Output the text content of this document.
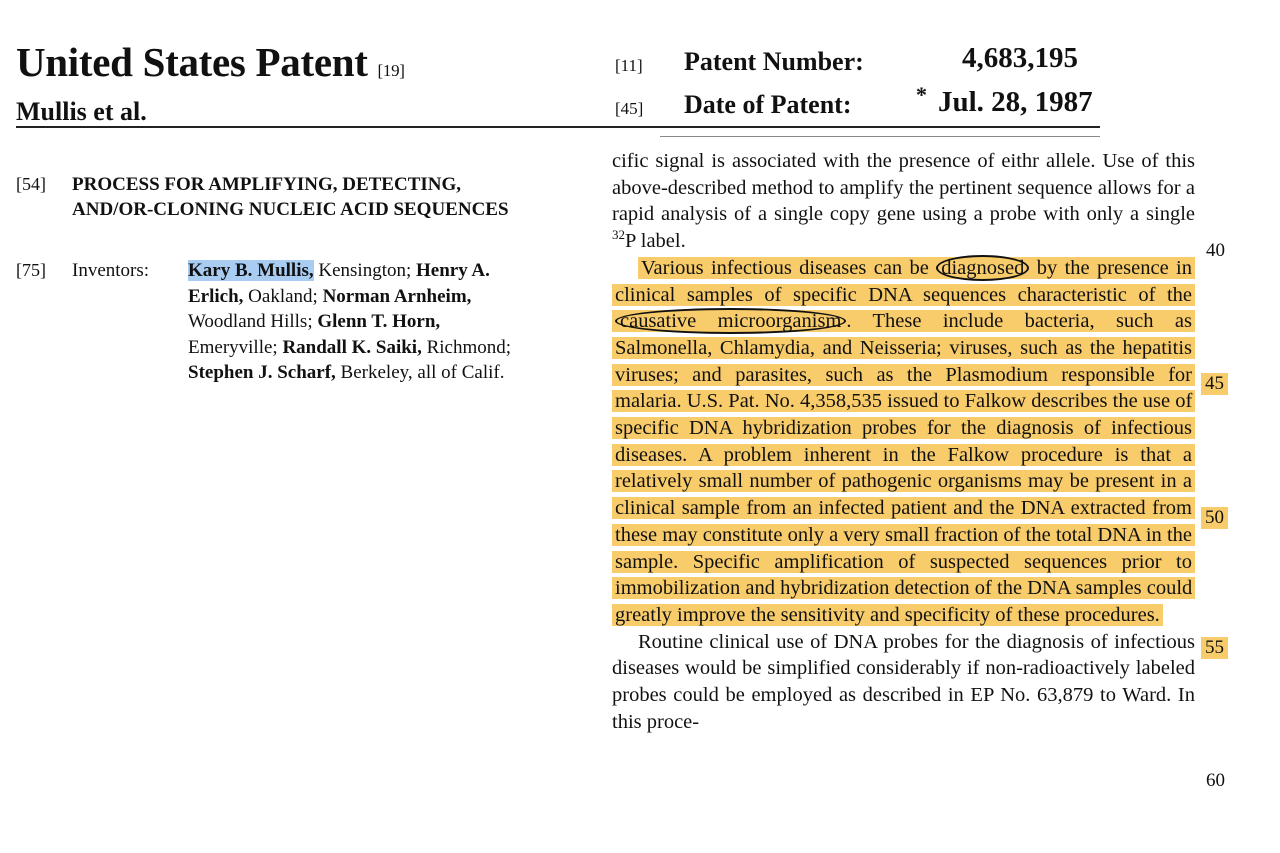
United States Patent [19]
Mullis et al.
[11] Patent Number:	4,683,195
[45] Date of Patent:	* Jul. 28, 1987
[54] PROCESS FOR AMPLIFYING, DETECTING, AND/OR-CLONING NUCLEIC ACID SEQUENCES
[75] Inventors: Kary B. Mullis, Kensington; Henry A. Erlich, Oakland; Norman Arnheim, Woodland Hills; Glenn T. Horn, Emeryville; Randall K. Saiki, Richmond; Stephen J. Scharf, Berkeley, all of Calif.

cific signal is associated with the presence of eithr allele. Use of this above-described method to amplify the pertinent sequence allows for a rapid analysis of a single copy gene using a probe with only a single $^{32}$P label.

Various infectious diseases can be diagnosed by the presence in clinical samples of specific DNA sequences characteristic of the causative microorganism . These include bacteria, such as Salmonella, Chlamydia, and Neisseria; viruses, such as the hepatitis viruses; and parasites, such as the Plasmodium responsible for malaria. U.S. Pat. No. 4,358,535 issued to Falkow describes the use of specific DNA hybridization probes for the diagnosis of infectious diseases. A problem inherent in the Falkow procedure is that a relatively small number of pathogenic organisms may be present in a clinical sample from an infected patient and the DNA extracted from these may constitute only a very small fraction of the total DNA in the sample. Specific amplification of suspected sequences prior to immobilization and hybridization detection of the DNA samples could greatly improve the sensitivity and specificity of these procedures.

Routine clinical use of DNA probes for the diagnosis of infectious diseases would be simplified considerably if non-radioactively labeled probes could be employed as described in EP No. 63,879 to Ward. In this proce-

40
45
50
55
60
